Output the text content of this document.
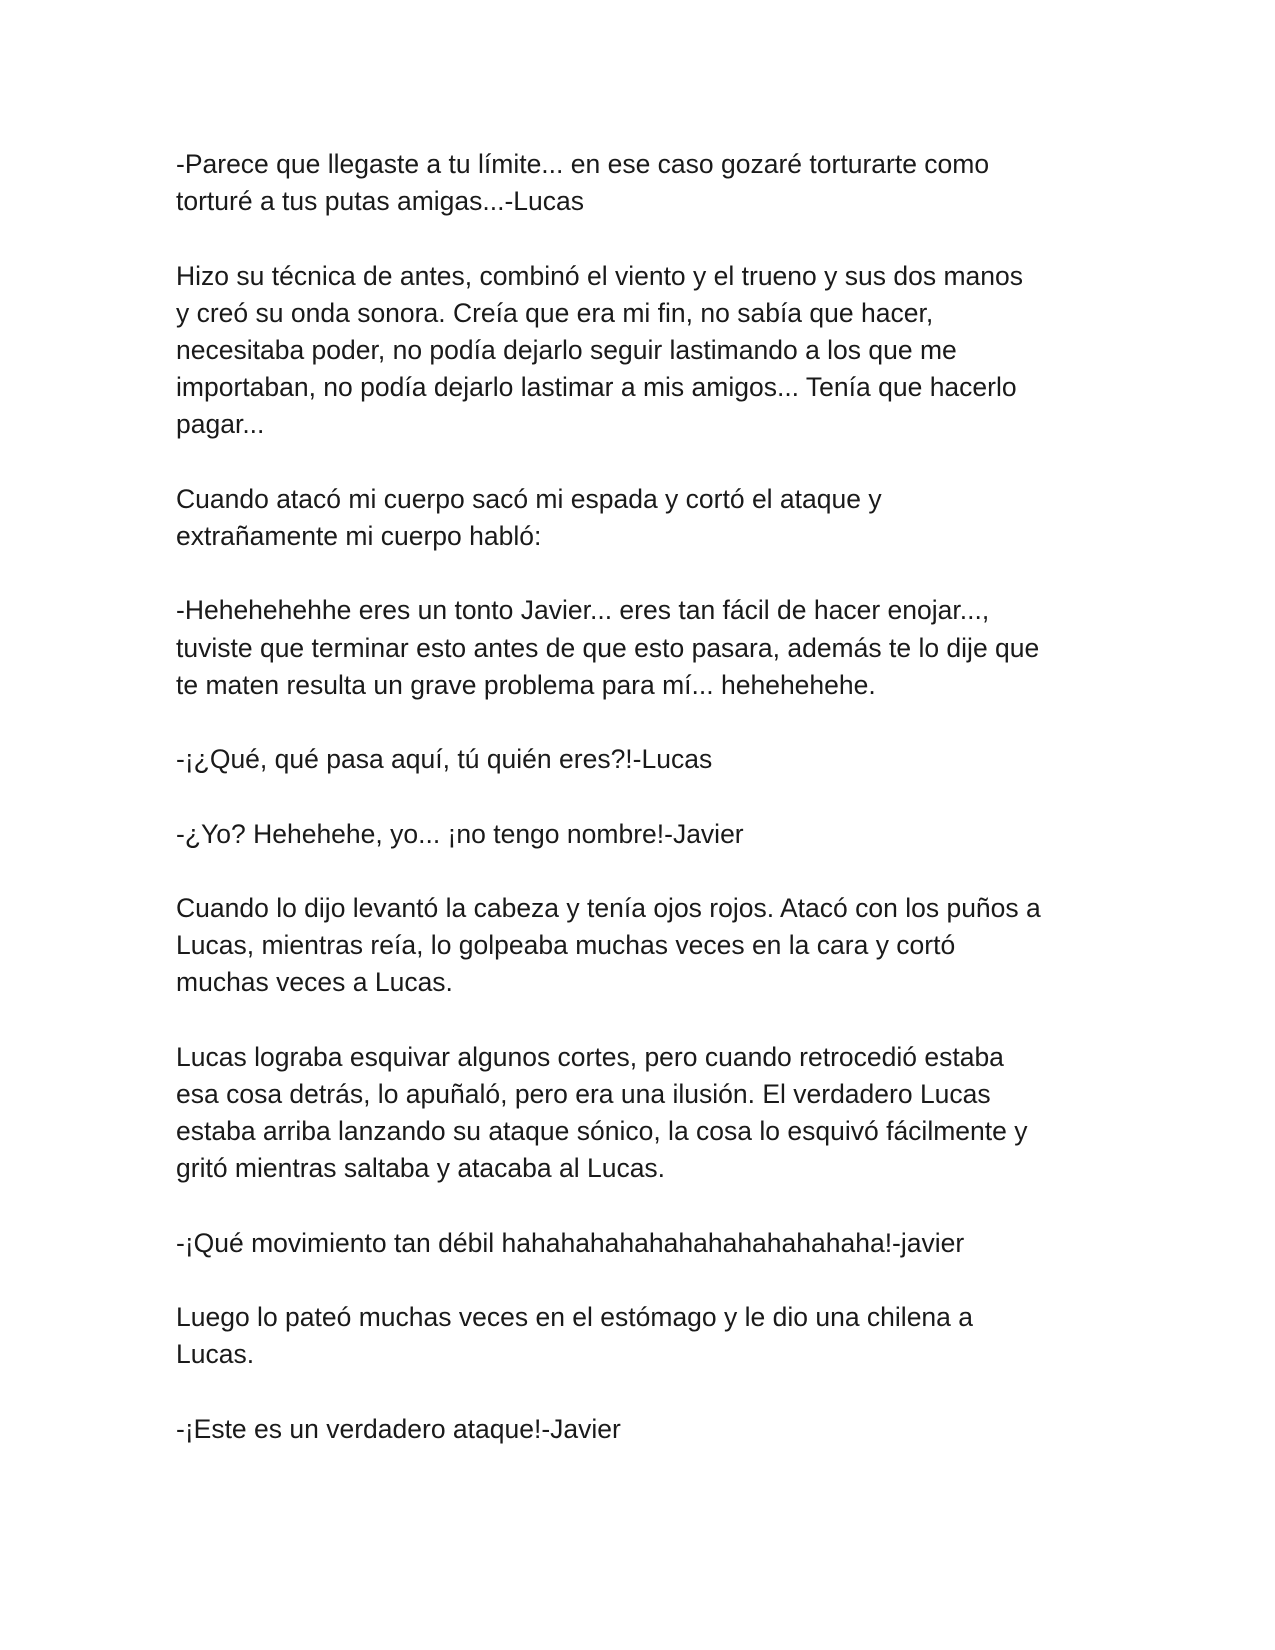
-Parece que llegaste a tu límite... en ese caso gozaré torturarte como
torturé a tus putas amigas...-Lucas

Hizo su técnica de antes, combinó el viento y el trueno y sus dos manos
y creó su onda sonora. Creía que era mi fin, no sabía que hacer,
necesitaba poder, no podía dejarlo seguir lastimando a los que me
importaban, no podía dejarlo lastimar a mis amigos... Tenía que hacerlo
pagar...

Cuando atacó mi cuerpo sacó mi espada y cortó el ataque y
extrañamente mi cuerpo habló:

-Hehehehehhe eres un tonto Javier... eres tan fácil de hacer enojar...,
tuviste que terminar esto antes de que esto pasara, además te lo dije que
te maten resulta un grave problema para mí... hehehehehe.

-¡¿Qué, qué pasa aquí, tú quién eres?!-Lucas

-¿Yo? Hehehehe, yo... ¡no tengo nombre!-Javier

Cuando lo dijo levantó la cabeza y tenía ojos rojos. Atacó con los puños a
Lucas, mientras reía, lo golpeaba muchas veces en la cara y cortó
muchas veces a Lucas.

Lucas lograba esquivar algunos cortes, pero cuando retrocedió estaba
esa cosa detrás, lo apuñaló, pero era una ilusión. El verdadero Lucas
estaba arriba lanzando su ataque sónico, la cosa lo esquivó fácilmente y
gritó mientras saltaba y atacaba al Lucas.

-¡Qué movimiento tan débil hahahahahahahahahahahahaha!-javier

Luego lo pateó muchas veces en el estómago y le dio una chilena a
Lucas.

-¡Este es un verdadero ataque!-Javier
